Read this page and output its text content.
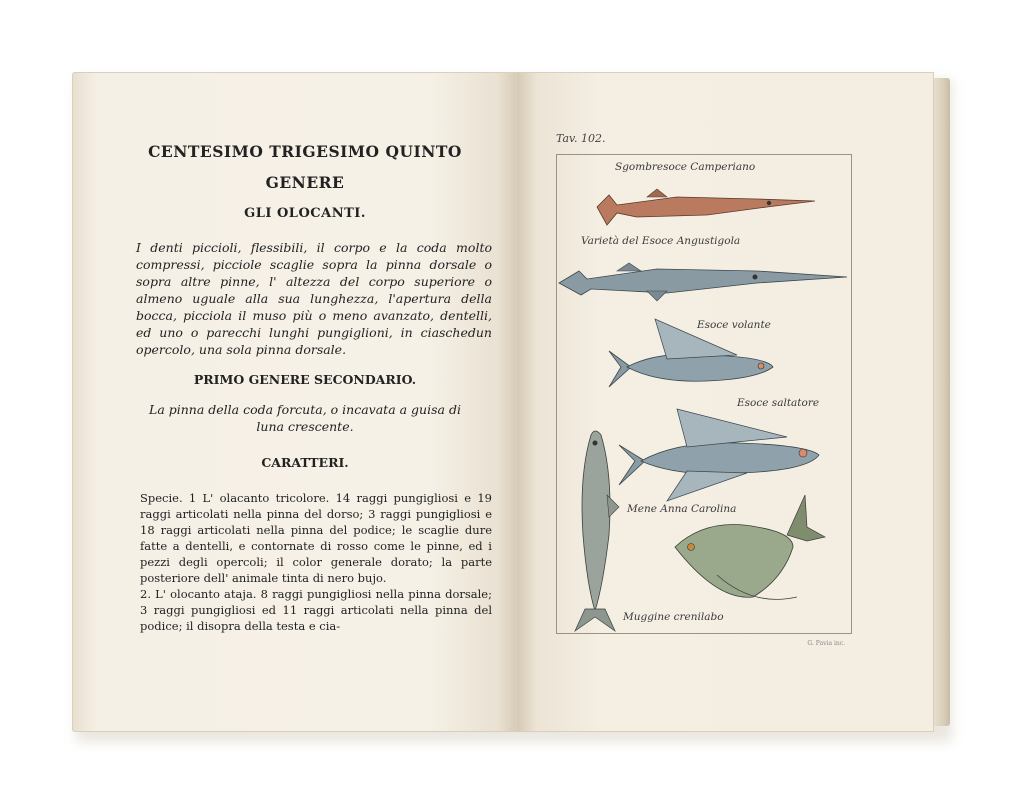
CENTESIMO TRIGESIMO QUINTO

GENERE

GLI OLOCANTI.

I denti piccioli, flessibili, il corpo e la coda molto compressi, picciole scaglie sopra la pinna dorsale o sopra altre pinne, l' altezza del corpo superiore o almeno uguale alla sua lunghezza, l'apertura della bocca, picciola il muso più o meno avanzato, dentelli, ed uno o parecchi lunghi pungiglioni, in ciaschedun opercolo, una sola pinna dorsale.

PRIMO GENERE SECONDARIO.

La pinna della coda forcuta, o incavata a guisa di luna crescente.

CARATTERI.

Specie. 1 L' olacanto tricolore. 14 raggi pungigliosi e 19 raggi articolati nella pinna del dorso; 3 raggi pungigliosi e 18 raggi articolati nella pinna del podice; le scaglie dure fatte a dentelli, e contornate di rosso come le pinne, ed i pezzi degli opercoli; il color generale dorato; la parte posteriore dell' animale tinta di nero bujo.

2. L' olocanto ataja. 8 raggi pungigliosi nella pinna dorsale; 3 raggi pungigliosi ed 11 raggi articolati nella pinna del podice; il disopra della testa e cia-

Tav. 102.
Sgombresoce Camperiano
Varietà del Esoce Angustigola
Esoce volante
Esoce saltatore
Mene Anna Carolina
Muggine crenilabo
G. Pavia inc.
